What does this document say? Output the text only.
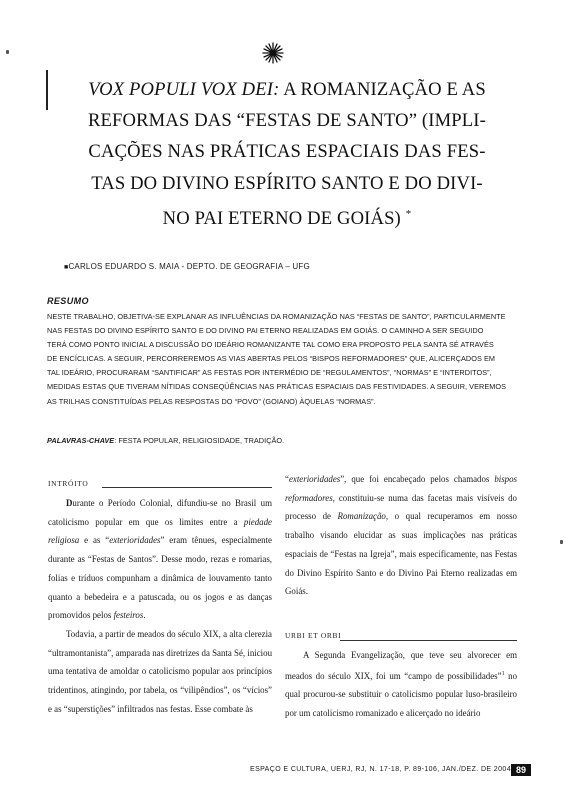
VOX POPULI VOX DEI: A ROMANIZAÇÃO E AS
REFORMAS DAS “FESTAS DE SANTO” (IMPLI-
CAÇÕES NAS PRÁTICAS ESPACIAIS DAS FES-
TAS DO DIVINO ESPÍRITO SANTO E DO DIVI-
NO PAI ETERNO DE GOIÁS) *

■CARLOS EDUARDO S. MAIA - DEPTO. DE GEOGRAFIA – UFG

RESUMO

NESTE TRABALHO, OBJETIVA-SE EXPLANAR AS INFLUÊNCIAS DA ROMANIZAÇÃO NAS “FESTAS DE SANTO”, PARTICULARMENTE
NAS FESTAS DO DIVINO ESPÍRITO SANTO E DO DIVINO PAI ETERNO REALIZADAS EM GOIÁS. O CAMINHO A SER SEGUIDO
TERÁ COMO PONTO INICIAL A DISCUSSÃO DO IDEÁRIO ROMANIZANTE TAL COMO ERA PROPOSTO PELA SANTA SÉ ATRAVÉS
DE ENCÍCLICAS. A SEGUIR, PERCORREREMOS AS VIAS ABERTAS PELOS “BISPOS REFORMADORES” QUE, ALICERÇADOS EM
TAL IDEÁRIO, PROCURARAM “SANTIFICAR” AS FESTAS POR INTERMÉDIO DE “REGULAMENTOS”, “NORMAS” E “INTERDITOS”,
MEDIDAS ESTAS QUE TIVERAM NÍTIDAS CONSEQÜÊNCIAS NAS PRÁTICAS ESPACIAIS DAS FESTIVIDADES. A SEGUIR, VEREMOS
AS TRILHAS CONSTITUÍDAS PELAS RESPOSTAS DO “POVO” (GOIANO) ÀQUELAS “NORMAS”.

PALAVRAS-CHAVE: FESTA POPULAR, RELIGIOSIDADE, TRADIÇÃO.

INTRÓITO

Durante o Período Colonial, difundiu-se no Brasil um catolicismo popular em que os limites entre a piedade religiosa e as “exterioridades” eram tênues, especialmente durante as “Festas de Santos”. Desse modo, rezas e romarias, folias e tríduos compunham a dinâmica de louvamento tanto quanto a bebedeira e a patuscada, ou os jogos e as danças promovidos pelos festeiros.

Todavia, a partir de meados do século XIX, a alta clerezia “ultramontanista”, amparada nas diretrizes da Santa Sé, iniciou uma tentativa de amoldar o catolicismo popular aos princípios tridentinos, atingindo, por tabela, os “vilipêndios”, os “vícios” e as “superstições” infiltrados nas festas. Esse combate às

“exterioridades”, que foi encabeçado pelos chamados bispos reformadores, constituiu-se numa das facetas mais visíveis do processo de Romanização, o qual recuperamos em nosso trabalho visando elucidar as suas implicações nas práticas espaciais de “Festas na Igreja”, mais especificamente, nas Festas do Divino Espírito Santo e do Divino Pai Eterno realizadas em Goiás.

URBI ET ORBI

A Segunda Evangelização, que teve seu alvorecer em meados do século XIX, foi um “campo de possibilidades”$^1$ no qual procurou-se substituir o catolicismo popular luso-brasileiro por um catolicismo romanizado e alicerçado no ideário

ESPAÇO E CULTURA, UERJ, RJ, N. 17-18, P. 89-106, JAN./DEZ. DE 2004 89
